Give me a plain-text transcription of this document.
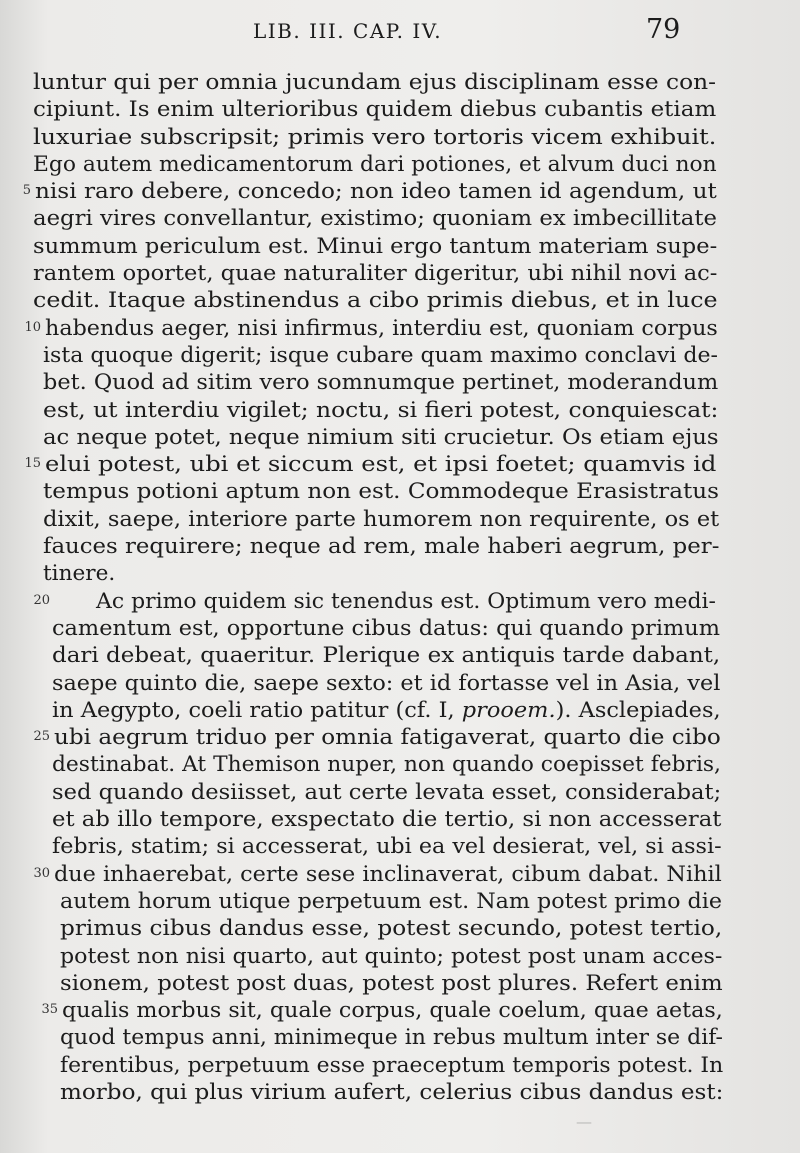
LIB. III. CAP. IV.	79
luntur qui per omnia jucundam ejus disciplinam esse con-
cipiunt. Is enim ulterioribus quidem diebus cubantis etiam
luxuriae subscripsit; primis vero tortoris vicem exhibuit.
Ego autem medicamentorum dari potiones, et alvum duci non
5 nisi raro debere, concedo; non ideo tamen id agendum, ut
aegri vires convellantur, existimo; quoniam ex imbecillitate
summum periculum est. Minui ergo tantum materiam supe-
rantem oportet, quae naturaliter digeritur, ubi nihil novi ac-
cedit. Itaque abstinendus a cibo primis diebus, et in luce
10 habendus aeger, nisi infirmus, interdiu est, quoniam corpus
ista quoque digerit; isque cubare quam maximo conclavi de-
bet. Quod ad sitim vero somnumque pertinet, moderandum
est, ut interdiu vigilet; noctu, si fieri potest, conquiescat:
ac neque potet, neque nimium siti crucietur. Os etiam ejus
15 elui potest, ubi et siccum est, et ipsi foetet; quamvis id
tempus potioni aptum non est. Commodeque Erasistratus
dixit, saepe, interiore parte humorem non requirente, os et
fauces requirere; neque ad rem, male haberi aegrum, per-
tinere.
20 Ac primo quidem sic tenendus est. Optimum vero medi-
camentum est, opportune cibus datus: qui quando primum
dari debeat, quaeritur. Plerique ex antiquis tarde dabant,
saepe quinto die, saepe sexto: et id fortasse vel in Asia, vel
in Aegypto, coeli ratio patitur (cf. I, prooem.). Asclepiades,
25 ubi aegrum triduo per omnia fatigaverat, quarto die cibo
destinabat. At Themison nuper, non quando coepisset febris,
sed quando desiisset, aut certe levata esset, considerabat;
et ab illo tempore, exspectato die tertio, si non accesserat
febris, statim; si accesserat, ubi ea vel desierat, vel, si assi-
30 due inhaerebat, certe sese inclinaverat, cibum dabat. Nihil
autem horum utique perpetuum est. Nam potest primo die
primus cibus dandus esse, potest secundo, potest tertio,
potest non nisi quarto, aut quinto; potest post unam acces-
sionem, potest post duas, potest post plures. Refert enim
35 qualis morbus sit, quale corpus, quale coelum, quae aetas,
quod tempus anni, minimeque in rebus multum inter se dif-
ferentibus, perpetuum esse praeceptum temporis potest. In
morbo, qui plus virium aufert, celerius cibus dandus est:
—
